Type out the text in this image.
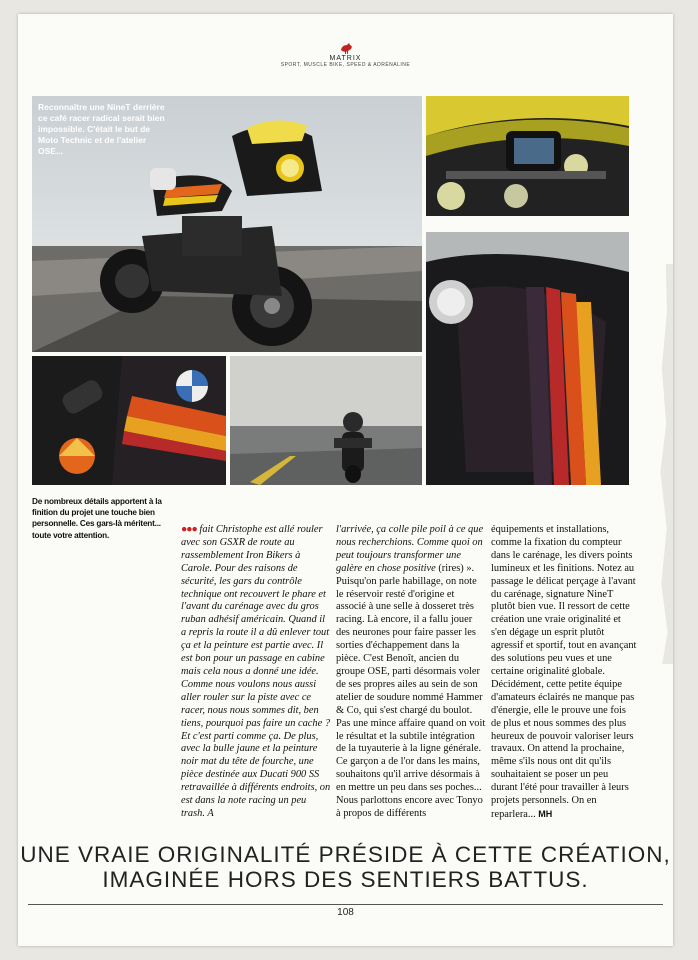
MATRIX
SPORT, MUSCLE BIKE, SPEED & ADRÉNALINE
Reconnaître une NineT derrière ce café racer radical serait bien impossible. C'était le but de Moto Technic et de l'atelier OSE...
De nombreux détails apportent à la finition du projet une touche bien personnelle. Ces gars-là méritent... toute votre attention.

●●● fait Christophe est allé rouler avec son GSXR de route au rassemblement Iron Bikers à Carole. Pour des raisons de sécurité, les gars du contrôle technique ont recouvert le phare et l'avant du carénage avec du gros ruban adhésif américain. Quand il a repris la route il a dû enlever tout ça et la peinture est partie avec. Il est bon pour un passage en cabine mais cela nous a donné une idée. Comme nous voulons nous aussi aller rouler sur la piste avec ce racer, nous nous sommes dit, ben tiens, pourquoi pas faire un cache ? Et c'est parti comme ça. De plus, avec la bulle jaune et la peinture noir mat du tête de fourche, une pièce destinée aux Ducati 900 SS retravaillée à différents endroits, on est dans la note racing un peu trash. A

l'arrivée, ça colle pile poil à ce que nous recherchions. Comme quoi on peut toujours transformer une galère en chose positive (rires) ». Puisqu'on parle habillage, on note le réservoir resté d'origine et associé à une selle à dosseret très racing. Là encore, il a fallu jouer des neurones pour faire passer les sorties d'échappement dans la pièce. C'est Benoît, ancien du groupe OSE, parti désormais voler de ses propres ailes au sein de son atelier de soudure nommé Hammer & Co, qui s'est chargé du boulot. Pas une mince affaire quand on voit le résultat et la subtile intégration de la tuyauterie à la ligne générale. Ce garçon a de l'or dans les mains, souhaitons qu'il arrive désormais à en mettre un peu dans ses poches... Nous parlottons encore avec Tonyo à propos de différents

équipements et installations, comme la fixation du compteur dans le carénage, les divers points lumineux et les finitions. Notez au passage le délicat perçage à l'avant du carénage, signature NineT plutôt bien vue. Il ressort de cette création une vraie originalité et s'en dégage un esprit plutôt agressif et sportif, tout en avançant des solutions peu vues et une certaine originalité globale. Décidément, cette petite équipe d'amateurs éclairés ne manque pas d'énergie, elle le prouve une fois de plus et nous sommes des plus heureux de pouvoir valoriser leurs travaux. On attend la prochaine, même s'ils nous ont dit qu'ils souhaitaient se poser un peu durant l'été pour travailler à leurs projets personnels. On en reparlera... MH

UNE VRAIE ORIGINALITÉ PRÉSIDE À CETTE CRÉATION,
IMAGINÉE HORS DES SENTIERS BATTUS.
108
